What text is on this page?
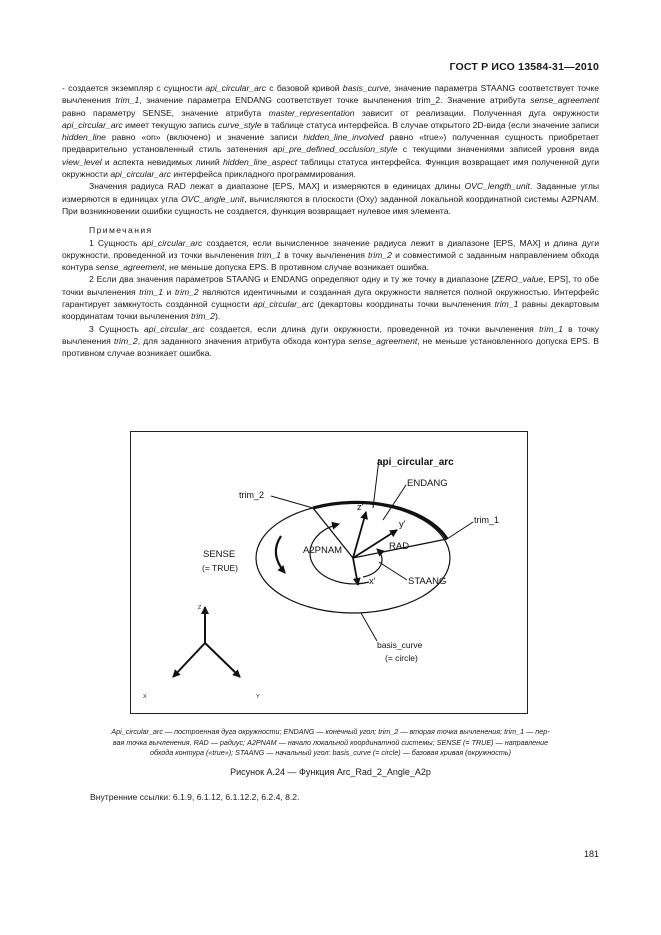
ГОСТ Р ИСО 13584-31—2010

- создается экземпляр с сущности api_circular_arc с базовой кривой basis_curve, значение параметра STAANG соответствует точке вычленения trim_1, значение параметра ENDANG соответствует точке вычленения trim_2. Значение атрибута sense_agreement равно параметру SENSE, значение атрибута master_representation зависит от реализации. Полученная дуга окружности api_circular_arc имеет текущую запись curve_style в таблице статуса интерфейса. В случае открытого 2D-вида (если значение записи hidden_line равно «on» (включено) и значение записи hidden_line_involved равно «true») полученная сущность приобретает предварительно установленный стиль затенения api_pre_defined_occlusion_style с текущими значениями записей уровня вида view_level и аспекта невидимых линий hidden_line_aspect таблицы статуса интерфейса. Функция возвращает имя полученной дуги окружности api_circular_arc интерфейса прикладного программирования.

Значения радиуса RAD лежат в диапазоне [EPS, MAX] и измеряются в единицах длины OVC_length_unit. Заданные углы измеряются в единицах угла OVC_angle_unit, вычисляются в плоскости (Oxy) заданной локальной координатной системы A2PNAM. При возникновении ошибки сущность не создается, функция возвращает нулевое имя элемента.

Примечания

1 Сущность api_circular_arc создается, если вычисленное значение радиуса лежит в диапазоне [EPS, MAX] и длина дуги окружности, проведенной из точки вычленения trim_1 в точку вычленения trim_2 и совместимой с заданным направлением обхода контура sense_agreement, не меньше допуска EPS. В противном случае возникает ошибка.

2 Если два значения параметров STAANG и ENDANG определяют одну и ту же точку в диапазоне [ZERO_value, EPS], то обе точки вычленения trim_1 и trim_2 являются идентичными и созданная дуга окружности является полной окружностью. Интерфейс гарантирует замкнутость созданной сущности api_circular_arc (декартовы координаты точки вычленения trim_1 равны декартовым координатам точки вычленения trim_2).

3 Сущность api_circular_arc создается, если длина дуги окружности, проведенной из точки вычленения trim_1 в точку вычленения trim_2, для заданного значения атрибута обхода контура sense_agreement, не меньше установленного допуска EPS. В противном случае возникает ошибка.

api_circular_arc
ENDANG
trim_2
z'
y'	trim_1
RAD
SENSE
(= TRUE)
A2PNAM
x'	STAANG
basis_curve
(= circle)
Z
X	Y
Api_circular_arc — построенная дуга окружности; ENDANG — конечный угол; trim_2 — вторая точка вычленения; trim_1 — пер-
вая точка вычленения, RAD — радиус; A2PNAM — начало локальной координатной системы; SENSE (= TRUE) — направление
обхода контура («true»); STAANG — начальный угол: basis_curve (= circle) — базовая кривая (окружность)
Рисунок А.24 — Функция Arc_Rad_2_Angle_A2p
Внутренние ссылки: 6.1.9, 6.1.12, 6.1.12.2, 6.2.4, 8.2.
181
